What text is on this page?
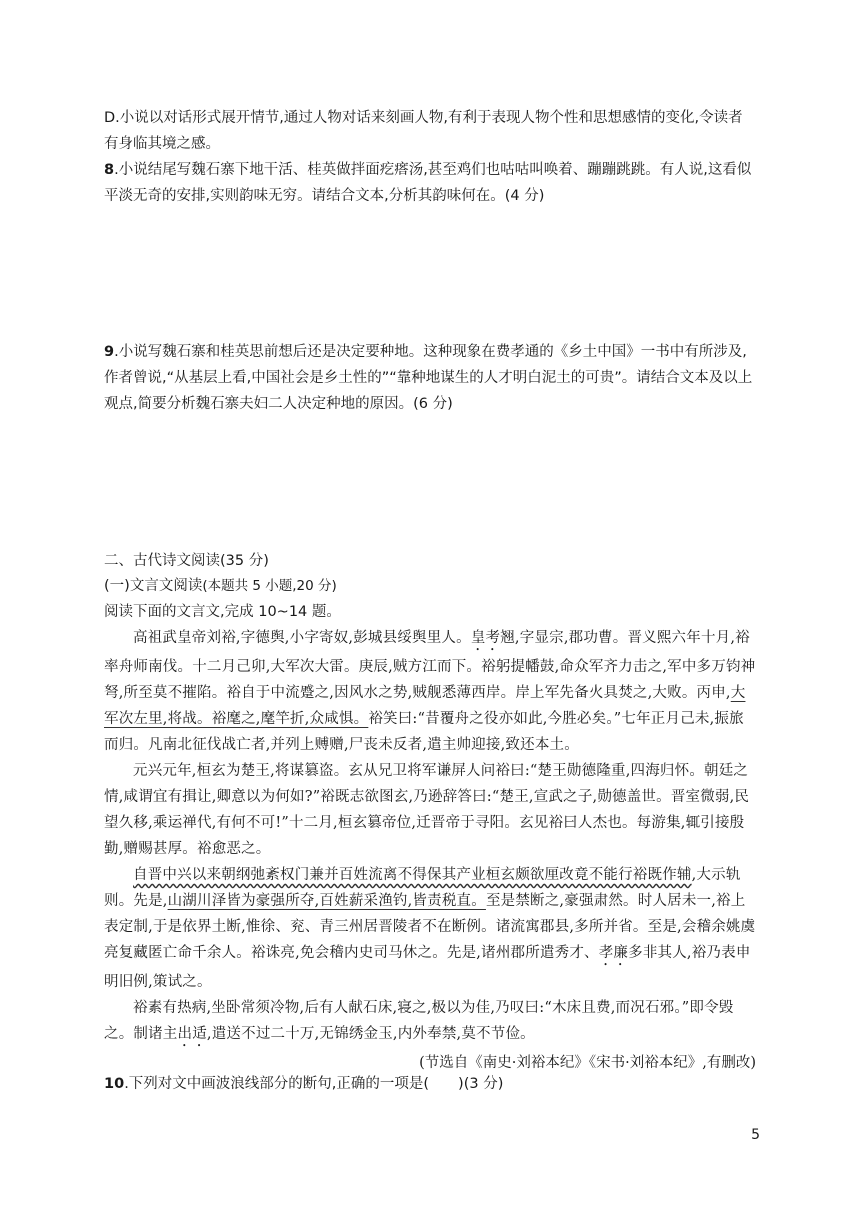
D.小说以对话形式展开情节,通过人物对话来刻画人物,有利于表现人物个性和思想感情的变化,令读者有身临其境之感。
8.小说结尾写魏石寨下地干活、桂英做拌面疙瘩汤,甚至鸡们也咕咕叫唤着、蹦蹦跳跳。有人说,这看似平淡无奇的安排,实则韵味无穷。请结合文本,分析其韵味何在。(4 分)
9.小说写魏石寨和桂英思前想后还是决定要种地。这种现象在费孝通的《乡土中国》一书中有所涉及,作者曾说,“从基层上看,中国社会是乡土性的”“靠种地谋生的人才明白泥土的可贵”。请结合文本及以上观点,简要分析魏石寨夫妇二人决定种地的原因。(6 分)
二、古代诗文阅读(35 分)
(一)文言文阅读(本题共 5 小题,20 分)
阅读下面的文言文,完成 10~14 题。
高祖武皇帝刘裕,字德舆,小字寄奴,彭城县绥舆里人。皇考翘,字显宗,郡功曹。晋义熙六年十月,裕率舟师南伐。十二月己卯,大军次大雷。庚辰,贼方江而下。裕躬提幡鼓,命众军齐力击之,军中多万钧神弩,所至莫不摧陷。裕自于中流蹙之,因风水之势,贼舰悉薄西岸。岸上军先备火具焚之,大败。丙申,大军次左里,将战。裕麾之,麾竿折,众咸惧。裕笑曰:“昔覆舟之役亦如此,今胜必矣。”七年正月己未,振旅而归。凡南北征伐战亡者,并列上赙赠,尸丧未反者,遣主帅迎接,致还本土。
元兴元年,桓玄为楚王,将谋篡盗。玄从兄卫将军谦屏人问裕曰:“楚王勋德隆重,四海归怀。朝廷之情,咸谓宜有揖让,卿意以为何如?”裕既志欲图玄,乃逊辞答曰:“楚王,宣武之子,勋德盖世。晋室微弱,民望久移,乘运禅代,有何不可!”十二月,桓玄篡帝位,迁晋帝于寻阳。玄见裕曰人杰也。每游集,辄引接殷勤,赠赐甚厚。裕愈恶之。
自晋中兴以来朝纲弛紊权门兼并百姓流离不得保其产业桓玄颇欲厘改竟不能行裕既作辅,大示轨则。先是,山湖川泽皆为豪强所夺,百姓薪采渔钓,皆责税直。至是禁断之,豪强肃然。时人居未一,裕上表定制,于是依界土断,惟徐、兖、青三州居晋陵者不在断例。诸流寓郡县,多所并省。至是,会稽余姚虞亮复藏匿亡命千余人。裕诛亮,免会稽内史司马休之。先是,诸州郡所遣秀才、孝廉多非其人,裕乃表申明旧例,策试之。
裕素有热病,坐卧常须冷物,后有人献石床,寝之,极以为佳,乃叹曰:“木床且费,而况石邪。”即令毁之。制诸主出适,遣送不过二十万,无锦绣金玉,内外奉禁,莫不节俭。
(节选自《南史·刘裕本纪》《宋书·刘裕本纪》,有删改)
10.下列对文中画波浪线部分的断句,正确的一项是(　　)(3 分)
5
